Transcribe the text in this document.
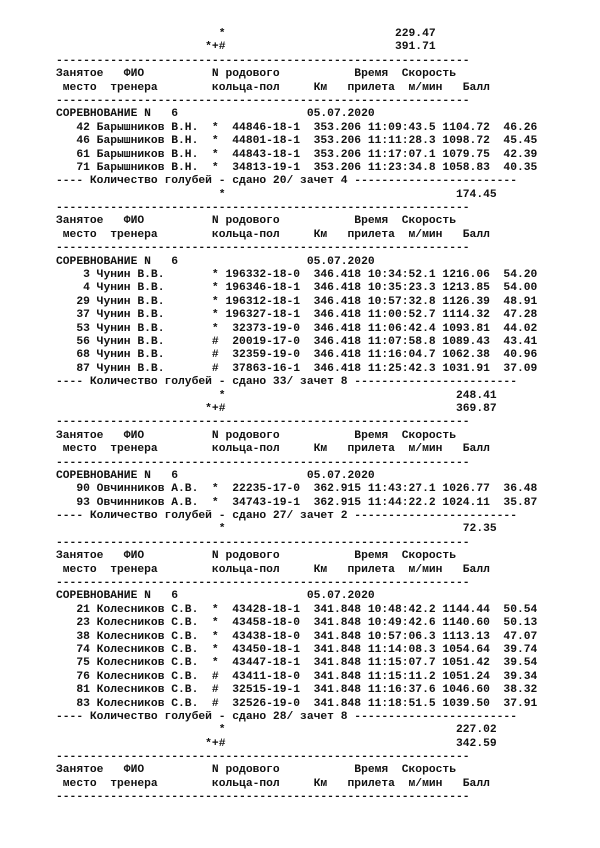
*                         229.47
*+#                         391.71
-------------------------------------------------------------
Занятое   ФИО          N родового           Время  Скорость
место  тренера        кольца-пол     Км   прилета  м/мин   Балл
-------------------------------------------------------------
СОРЕВНОВАНИЕ N   6                   05.07.2020
42 Барышников В.Н.  *  44846-18-1  353.206 11:09:43.5 1104.72  46.26
46 Барышников В.Н.  *  44801-18-1  353.206 11:11:28.3 1098.72  45.45
61 Барышников В.Н.  *  44843-18-1  353.206 11:17:07.1 1079.75  42.39
71 Барышников В.Н.  *  34813-19-1  353.206 11:23:34.8 1058.83  40.35
---- Количество голубей - сдано 20/ зачет 4 ------------------------
*                                  174.45
-------------------------------------------------------------
Занятое   ФИО          N родового           Время  Скорость
место  тренера        кольца-пол     Км   прилета  м/мин   Балл
-------------------------------------------------------------
СОРЕВНОВАНИЕ N   6                   05.07.2020
3 Чунин В.В.       * 196332-18-0  346.418 10:34:52.1 1216.06  54.20
4 Чунин В.В.       * 196346-18-1  346.418 10:35:23.3 1213.85  54.00
29 Чунин В.В.       * 196312-18-1  346.418 10:57:32.8 1126.39  48.91
37 Чунин В.В.       * 196327-18-1  346.418 11:00:52.7 1114.32  47.28
53 Чунин В.В.       *  32373-19-0  346.418 11:06:42.4 1093.81  44.02
56 Чунин В.В.       #  20019-17-0  346.418 11:07:58.8 1089.43  43.41
68 Чунин В.В.       #  32359-19-0  346.418 11:16:04.7 1062.38  40.96
87 Чунин В.В.       #  37863-16-1  346.418 11:25:42.3 1031.91  37.09
---- Количество голубей - сдано 33/ зачет 8 ------------------------
*                                  248.41
*+#                                  369.87
-------------------------------------------------------------
Занятое   ФИО          N родового           Время  Скорость
место  тренера        кольца-пол     Км   прилета  м/мин   Балл
-------------------------------------------------------------
СОРЕВНОВАНИЕ N   6                   05.07.2020
90 Овчинников А.В.  *  22235-17-0  362.915 11:43:27.1 1026.77  36.48
93 Овчинников А.В.  *  34743-19-1  362.915 11:44:22.2 1024.11  35.87
---- Количество голубей - сдано 27/ зачет 2 ------------------------
*                                   72.35
-------------------------------------------------------------
Занятое   ФИО          N родового           Время  Скорость
место  тренера        кольца-пол     Км   прилета  м/мин   Балл
-------------------------------------------------------------
СОРЕВНОВАНИЕ N   6                   05.07.2020
21 Колесников С.В.  *  43428-18-1  341.848 10:48:42.2 1144.44  50.54
23 Колесников С.В.  *  43458-18-0  341.848 10:49:42.6 1140.60  50.13
38 Колесников С.В.  *  43438-18-0  341.848 10:57:06.3 1113.13  47.07
74 Колесников С.В.  *  43450-18-1  341.848 11:14:08.3 1054.64  39.74
75 Колесников С.В.  *  43447-18-1  341.848 11:15:07.7 1051.42  39.54
76 Колесников С.В.  #  43411-18-0  341.848 11:15:11.2 1051.24  39.34
81 Колесников С.В.  #  32515-19-1  341.848 11:16:37.6 1046.60  38.32
83 Колесников С.В.  #  32526-19-0  341.848 11:18:51.5 1039.50  37.91
---- Количество голубей - сдано 28/ зачет 8 ------------------------
*                                  227.02
*+#                                  342.59
-------------------------------------------------------------
Занятое   ФИО          N родового           Время  Скорость
место  тренера        кольца-пол     Км   прилета  м/мин   Балл
-------------------------------------------------------------
